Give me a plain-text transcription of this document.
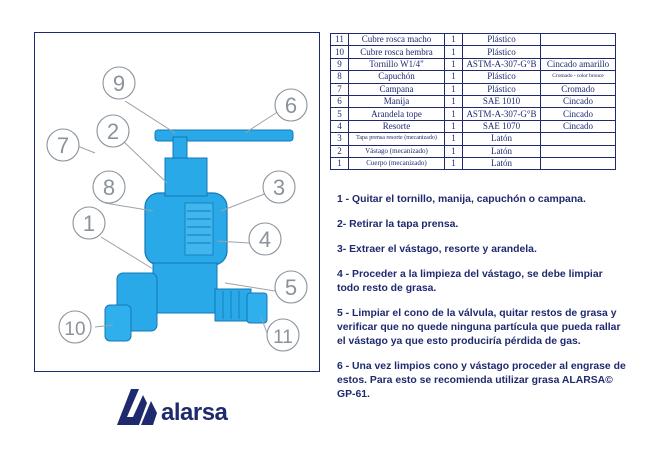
1
2
3
4
5
6
7
8
9
10	11
11	Cubre rosca macho	1	Plástico	
10	Cubre rosca hembra	1	Plástico	
9	Tornillo W1/4"	1	ASTM-A-307-G°B	Cincado amarillo
8	Capuchón	1	Plástico	Cromado - color bronce
7	Campana	1	Plástico	Cromado
6	Manija	1	SAE 1010	Cincado
5	Arandela tope	1	ASTM-A-307-G°B	Cincado
4	Resorte	1	SAE 1070	Cincado
3	Tapa prensa resorte (mecanizado)	1	Latón	
2	Vástago (mecanizado)	1	Latón	
1	Cuerpo (mecanizado)	1	Latón	

1 - Quitar el tornillo, manija, capuchón o campana.

2- Retirar la tapa prensa.

3- Extraer el vástago, resorte y arandela.

4 - Proceder a la limpieza del vástago, se debe limpiar todo resto de grasa.

5 - Limpiar el cono de la válvula, quitar restos de grasa y verificar que no quede ninguna partícula que pueda rallar el vástago ya que esto produciría pérdida de gas.

6 - Una vez limpios cono y vástago proceder al engrase de estos. Para esto se recomienda utilizar grasa ALARSA© GP-61.

alarsa
